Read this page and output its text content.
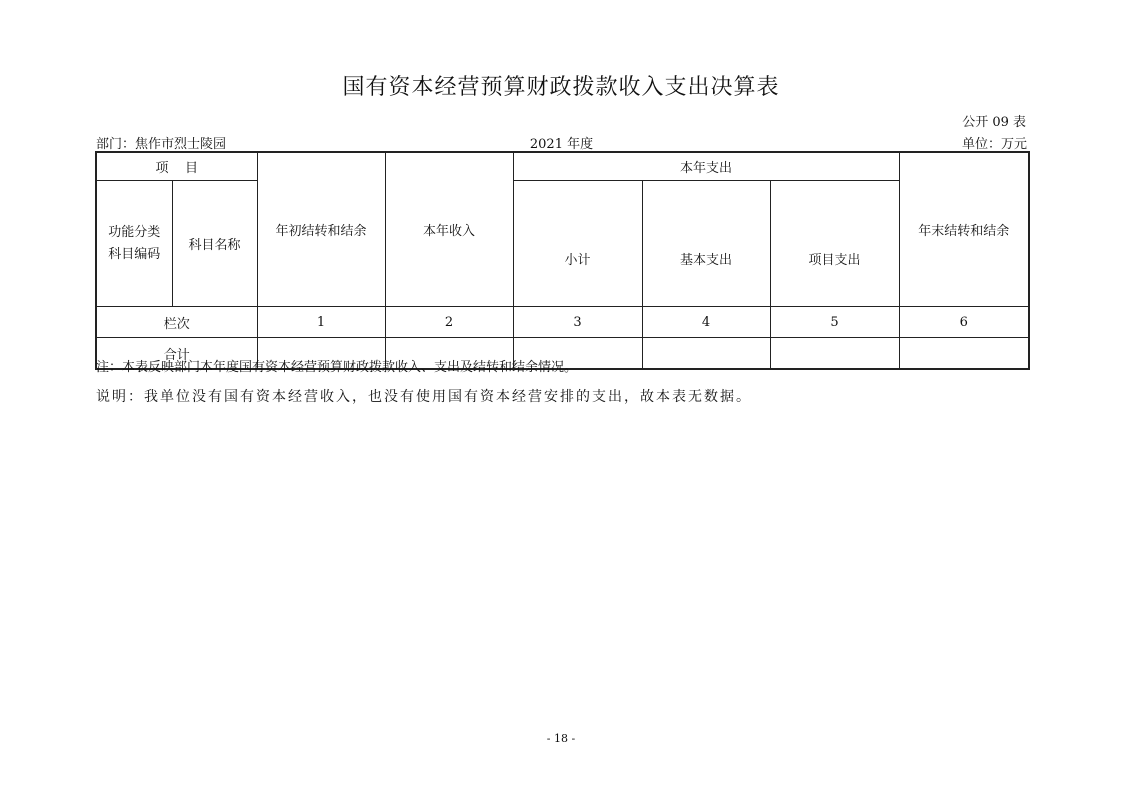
国有资本经营预算财政拨款收入支出决算表
公开 09 表
2021 年度
部门：焦作市烈士陵园	单位：万元
项    目		年初结转和结余	本年收入	本年支出			年末结转和结余
功能分类
科目编码	科目名称			小计	基本支出	项目支出	
栏次		1	2	3	4	5	6
合计							
注：本表反映部门本年度国有资本经营预算财政拨款收入、支出及结转和结余情况。
说明：我单位没有国有资本经营收入，也没有使用国有资本经营安排的支出，故本表无数据。
- 18 -
